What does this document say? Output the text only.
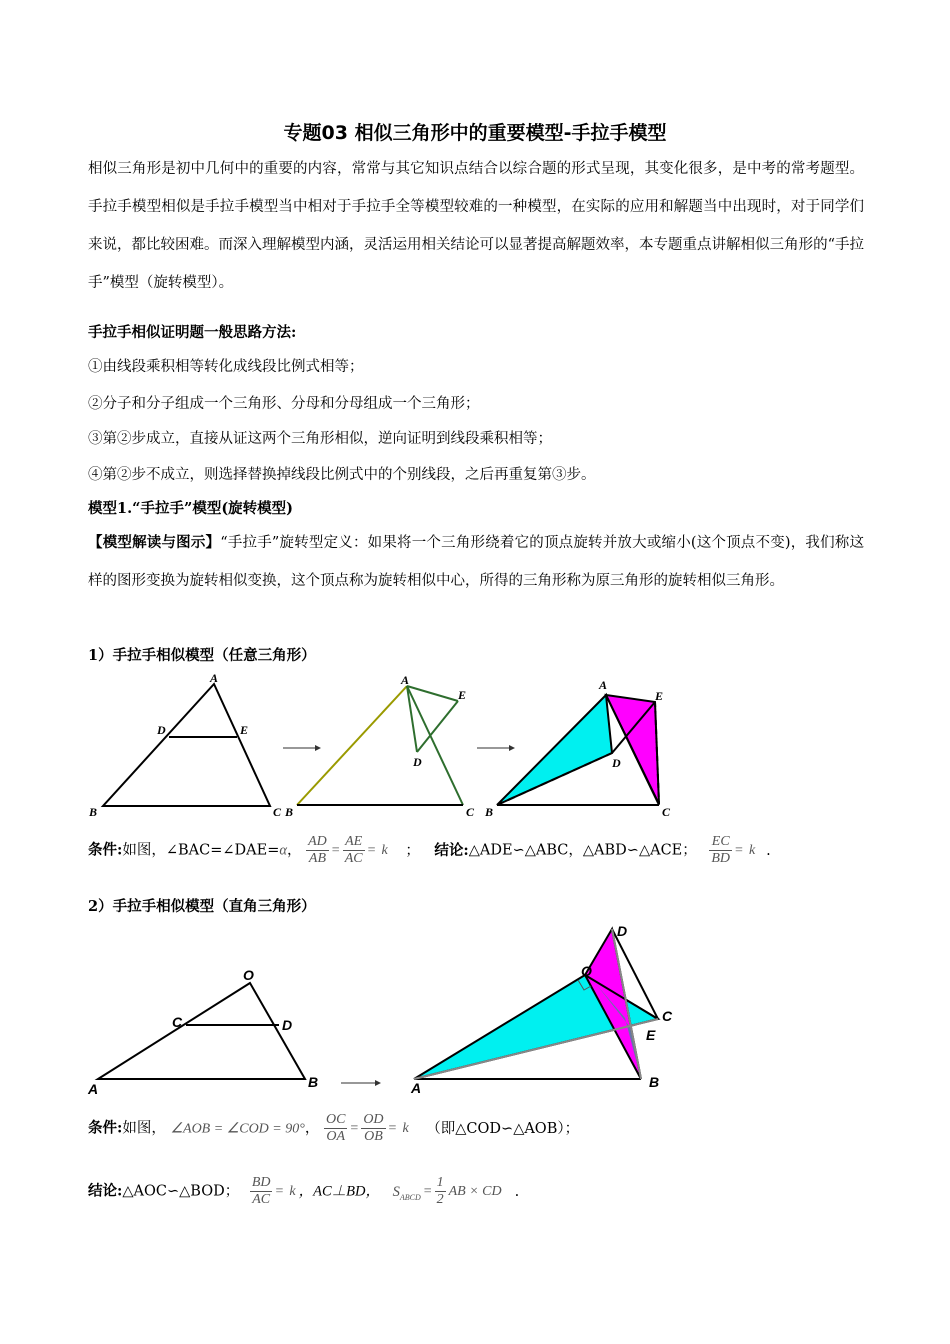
专题03 相似三角形中的重要模型-手拉手模型
相似三角形是初中几何中的重要的内容，常常与其它知识点结合以综合题的形式呈现，其变化很多，是中考的常考题型。手拉手模型相似是手拉手模型当中相对于手拉手全等模型较难的一种模型，在实际的应用和解题当中出现时，对于同学们来说，都比较困难。而深入理解模型内涵，灵活运用相关结论可以显著提高解题效率，本专题重点讲解相似三角形的“手拉手”模型（旋转模型）。
手拉手相似证明题一般思路方法:
①由线段乘积相等转化成线段比例式相等；
②分子和分子组成一个三角形、分母和分母组成一个三角形；
③第②步成立，直接从证这两个三角形相似，逆向证明到线段乘积相等；
④第②步不成立，则选择替换掉线段比例式中的个别线段，之后再重复第③步。
模型1.“手拉手”模型(旋转模型)
【模型解读与图示】“手拉手”旋转型定义：如果将一个三角形绕着它的顶点旋转并放大或缩小(这个顶点不变)，我们称这样的图形变换为旋转相似变换，这个顶点称为旋转相似中心，所得的三角形称为原三角形的旋转相似三角形。
1）手拉手相似模型（任意三角形）
A
B	C
D	E
A
B	C
D
E
A
B	C
D
E
条件:如图，∠BAC=∠DAE=α， $\frac{AD}{AB} = \frac{AE}{AC} = k$ ； 结论:△ADE∽△ABC，△ABD∽△ACE； $\frac{EC}{BD} = k$ .
2）手拉手相似模型（直角三角形）
O
C	D
A	B
O
C
D
A	B
E
条件:如图， ∠AOB = ∠COD = 90°， $\frac{OC}{OA} = \frac{OD}{OB} = k$ （即△COD∽△AOB）；
结论:△AOC∽△BOD； $\frac{BD}{AC} = k$ ，AC⊥BD， $S_{ABCD} = \frac{1}{2}$ AB × CD .
